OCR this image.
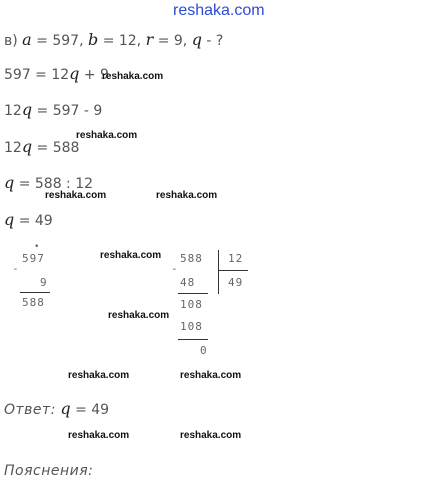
reshaka.com
в) a = 597, b = 12, r = 9, q - ?
597 = 12q + 9
reshaka.com
12q = 597 - 9
reshaka.com
12q = 588
q = 588 : 12
reshaka.com	reshaka.com
q = 49
•
-
597
9
588
reshaka.com
reshaka.com
-
588 12
48	49
108
108
0
reshaka.com	reshaka.com
Ответ: q = 49
reshaka.com	reshaka.com
Пояснения:
